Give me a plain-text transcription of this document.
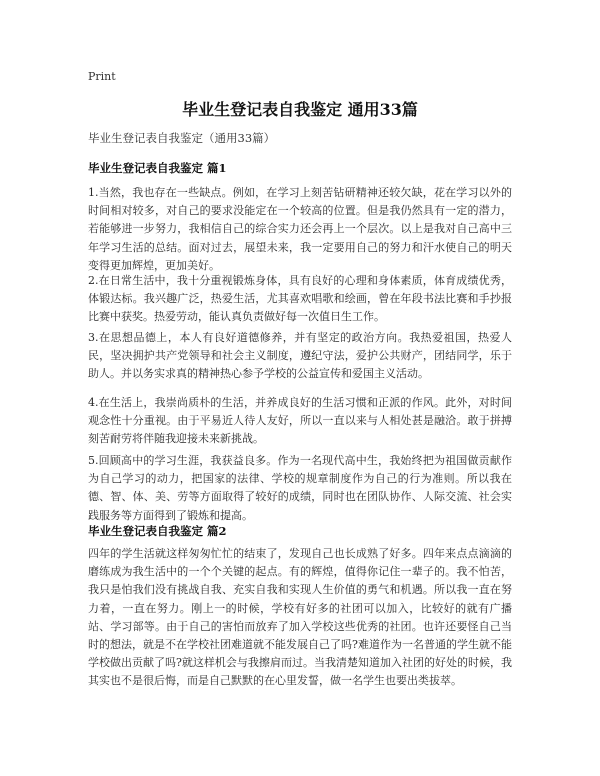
Print
毕业生登记表自我鉴定 通用33篇
毕业生登记表自我鉴定（通用33篇）
毕业生登记表自我鉴定 篇1

1.当然，我也存在一些缺点。例如，在学习上刻苦钻研精神还较欠缺，花在学习以外的时间相对较多，对自己的要求没能定在一个较高的位置。但是我仍然具有一定的潜力，若能够进一步努力，我相信自己的综合实力还会再上一个层次。以上是我对自己高中三年学习生活的总结。面对过去，展望未来，我一定要用自己的努力和汗水使自己的明天变得更加辉煌，更加美好。

2.在日常生活中，我十分重视锻炼身体，具有良好的心理和身体素质，体育成绩优秀，体锻达标。我兴趣广泛，热爱生活，尤其喜欢唱歌和绘画，曾在年段书法比赛和手抄报比赛中获奖。热爱劳动，能认真负责做好每一次值日生工作。

3.在思想品德上，本人有良好道德修养，并有坚定的政治方向。我热爱祖国，热爱人民，坚决拥护共产党领导和社会主义制度，遵纪守法，爱护公共财产，团结同学，乐于助人。并以务实求真的精神热心参予学校的公益宣传和爱国主义活动。

4.在生活上，我崇尚质朴的生活，并养成良好的生活习惯和正派的作风。此外，对时间观念性十分重视。由于平易近人待人友好，所以一直以来与人相处甚是融洽。敢于拼搏刻苦耐劳将伴随我迎接未来新挑战。

5.回顾高中的学习生涯，我获益良多。作为一名现代高中生，我始终把为祖国做贡献作为自己学习的动力，把国家的法律、学校的规章制度作为自己的行为准则。所以我在德、智、体、美、劳等方面取得了较好的成绩，同时也在团队协作、人际交流、社会实践服务等方面得到了锻炼和提高。

毕业生登记表自我鉴定 篇2

四年的学生活就这样匆匆忙忙的结束了，发现自己也长成熟了好多。四年来点点滴滴的磨练成为我生活中的一个个关键的起点。有的辉煌，值得你记住一辈子的。我不怕苦，我只是怕我们没有挑战自我、充实自我和实现人生价值的勇气和机遇。所以我一直在努力着，一直在努力。刚上一的时候，学校有好多的社团可以加入，比较好的就有广播站、学习部等。由于自己的害怕而放弃了加入学校这些优秀的社团。也许还要怪自己当时的想法，就是不在学校社团难道就不能发展自己了吗?难道作为一名普通的学生就不能学校做出贡献了吗?就这样机会与我擦肩而过。当我清楚知道加入社团的好处的时候，我其实也不是很后悔，而是自己默默的在心里发誓，做一名学生也要出类拔萃。
